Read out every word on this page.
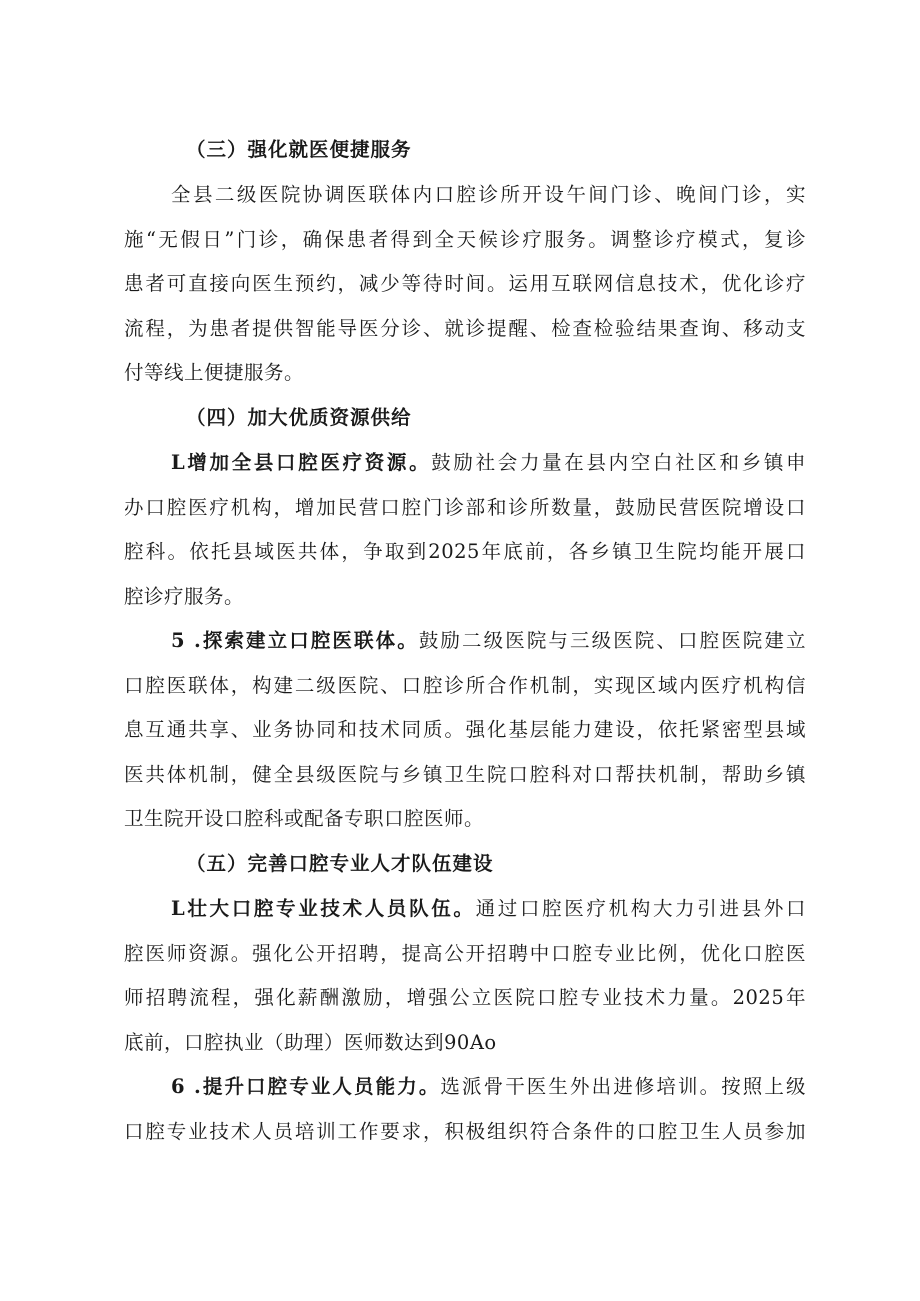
（三）强化就医便捷服务
全县二级医院协调医联体内口腔诊所开设午间门诊、晚间门诊，实
施“无假日”门诊，确保患者得到全天候诊疗服务。调整诊疗模式，复诊
患者可直接向医生预约，减少等待时间。运用互联网信息技术，优化诊疗
流程，为患者提供智能导医分诊、就诊提醒、检查检验结果查询、移动支
付等线上便捷服务。
（四）加大优质资源供给
L增加全县口腔医疗资源。鼓励社会力量在县内空白社区和乡镇申
办口腔医疗机构，增加民营口腔门诊部和诊所数量，鼓励民营医院增设口
腔科。依托县域医共体，争取到2025年底前，各乡镇卫生院均能开展口
腔诊疗服务。
5 .探索建立口腔医联体。鼓励二级医院与三级医院、口腔医院建立
口腔医联体，构建二级医院、口腔诊所合作机制，实现区域内医疗机构信
息互通共享、业务协同和技术同质。强化基层能力建设，依托紧密型县域
医共体机制，健全县级医院与乡镇卫生院口腔科对口帮扶机制，帮助乡镇
卫生院开设口腔科或配备专职口腔医师。
（五）完善口腔专业人才队伍建设
L壮大口腔专业技术人员队伍。通过口腔医疗机构大力引进县外口
腔医师资源。强化公开招聘，提高公开招聘中口腔专业比例，优化口腔医
师招聘流程，强化薪酬激励，增强公立医院口腔专业技术力量。2025年
底前，口腔执业（助理）医师数达到90Ao
6 .提升口腔专业人员能力。选派骨干医生外出进修培训。按照上级
口腔专业技术人员培训工作要求，积极组织符合条件的口腔卫生人员参加
